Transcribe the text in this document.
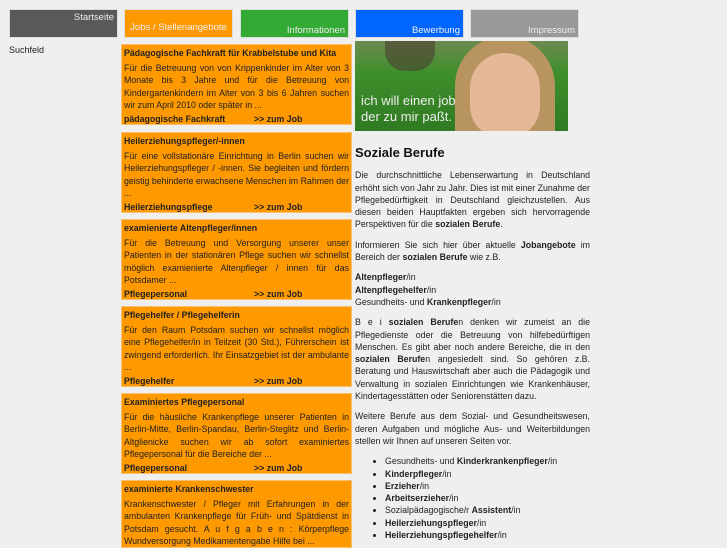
Startseite
Jobs / Stellenangebote	Informationen	Bewerbung	Impressum
Suchfeld	Pädagogische Fachkraft für Krabbelstube und Kita

Für die Betreuung von von Krippenkinder im Alter von 3 Monate bis 3 Jahre und für die Betreuung von Kindergartenkindern im Alter von 3 bis 6 Jahren suchen wir zum April 2010 oder später in ...

pädagogische Fachkraft	>> zum Job
Heilerziehungspfleger/-innen

Für eine vollstationäre Einrichtung in Berlin suchen wir Heilerziehungspfleger / -innen. Sie begleiten und fördern geistig behinderte erwachsene Menschen im Rahmen der ...

Heilerziehungspflege	>> zum Job
examienierte Altenpfleger/innen

Für die Betreuung und Versorgung unserer unser Patienten in der stationären Pflege suchen wir schnellst möglich examienierte Altenpfleger / innen für das Potsdamer ...

Pflegepersonal	>> zum Job
Pflegehelfer / Pflegehelferin

Für den Raum Potsdam suchen wir schnellst möglich eine Pflegehelfer/in in Teilzeit (30 Std.), Führerschein ist zwingend erforderlich. Ihr Einsatzgebiet ist der ambulante ...

Pflegehelfer	>> zum Job
Examiniertes Pflegepersonal

Für die häusliche Krankenpflege unserer Patienten in Berlin-Mitte, Berlin-Spandau, Berlin-Steglitz und Berlin-Altglienicke suchen wir ab sofort examiniertes Pflegepersonal für die Bereiche der ...

Pflegepersonal	>> zum Job
examinierte Krankenschwester

Krankenschwester / Pfleger mit Erfahrungen in der ambulanten Krankenpflege für Früh- und Spätdienst in Potsdam gesucht. A u f g a b e n : Körperpflege Wundversorgung Medikamentengabe Hilfe bei ...

ich will einen job
der zu mir paßt.
Soziale Berufe

Die durchschnittliche Lebenserwartung in Deutschland erhöht sich von Jahr zu Jahr. Dies ist mit einer Zunahme der Pflegebedürftigkeit in Deutschland gleichzustellen. Aus diesen beiden Hauptfakten ergeben sich hervorragende Perspektiven für die sozialen Berufe.

Informieren Sie sich hier über aktuelle Jobangebote im Bereich der sozialen Berufe wie z.B.

Altenpfleger/in
Altenpflegehelfer/in
Gesundheits- und Krankenpfleger/in

B e i sozialen Berufen denken wir zumeist an die Pflegedienste oder die Betreuung von hilfebedürftigen Menschen. Es gibt aber noch andere Bereiche, die in den sozialen Berufen angesiedelt sind. So gehören z.B. Beratung und Hauswirtschaft aber auch die Pädagogik und Verwaltung in sozialen Einrichtungen wie Krankenhäuser, Kindertagesstätten oder Seniorenstätten dazu.

Weitere Berufe aus dem Sozial- und Gesundheitswesen, deren Aufgaben und mögliche Aus- und Weiterbildungen stellen wir Ihnen auf unseren Seiten vor.

• Gesundheits- und Kinderkrankenpfleger/in
• Kinderpfleger/in
• Erzieher/in
• Arbeitserzieher/in
• Sozialpädagogische/r Assistent/in
• Heilerziehungspfleger/in
• Heilerziehungspflegehelfer/in
